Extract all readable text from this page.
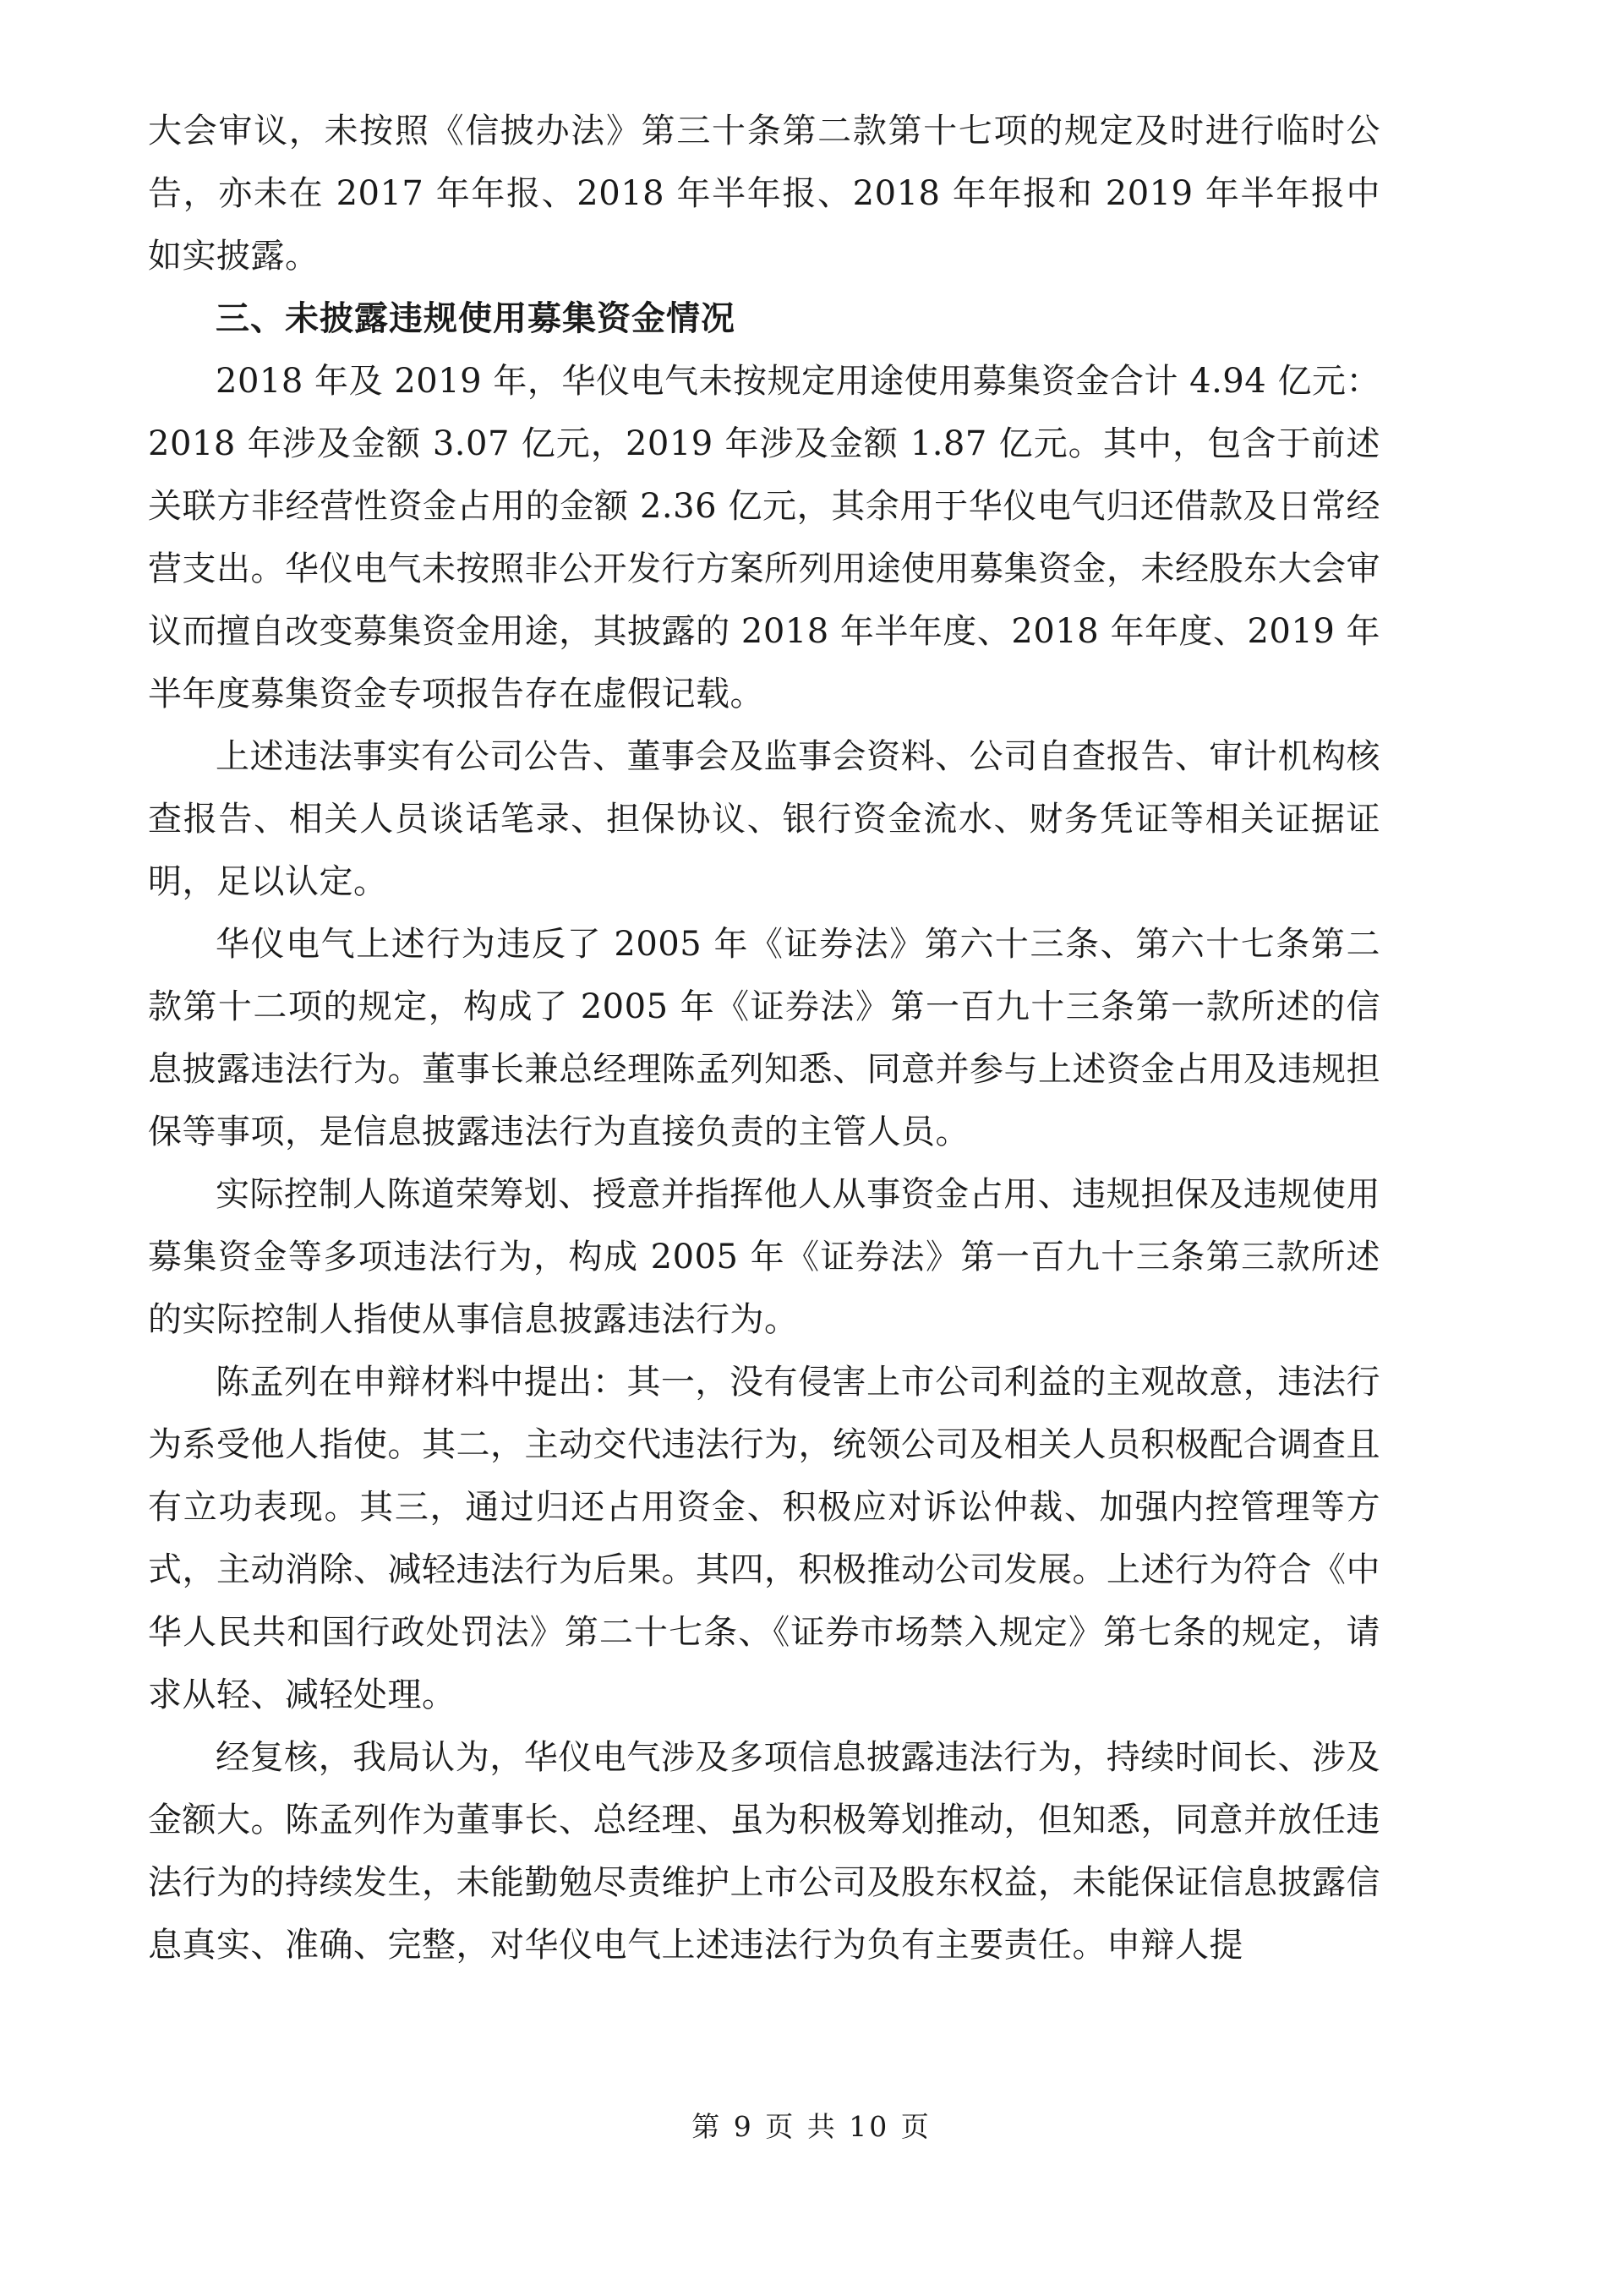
大会审议，未按照《信披办法》第三十条第二款第十七项的规定及时进行临时公告，亦未在 2017 年年报、2018 年半年报、2018 年年报和 2019 年半年报中如实披露。

三、未披露违规使用募集资金情况

2018 年及 2019 年，华仪电气未按规定用途使用募集资金合计 4.94 亿元：2018 年涉及金额 3.07 亿元，2019 年涉及金额 1.87 亿元。其中，包含于前述关联方非经营性资金占用的金额 2.36 亿元，其余用于华仪电气归还借款及日常经营支出。华仪电气未按照非公开发行方案所列用途使用募集资金，未经股东大会审议而擅自改变募集资金用途，其披露的 2018 年半年度、2018 年年度、2019 年半年度募集资金专项报告存在虚假记载。

上述违法事实有公司公告、董事会及监事会资料、公司自查报告、审计机构核查报告、相关人员谈话笔录、担保协议、银行资金流水、财务凭证等相关证据证明，足以认定。

华仪电气上述行为违反了 2005 年《证券法》第六十三条、第六十七条第二款第十二项的规定，构成了 2005 年《证券法》第一百九十三条第一款所述的信息披露违法行为。董事长兼总经理陈孟列知悉、同意并参与上述资金占用及违规担保等事项，是信息披露违法行为直接负责的主管人员。

实际控制人陈道荣筹划、授意并指挥他人从事资金占用、违规担保及违规使用募集资金等多项违法行为，构成 2005 年《证券法》第一百九十三条第三款所述的实际控制人指使从事信息披露违法行为。

陈孟列在申辩材料中提出：其一，没有侵害上市公司利益的主观故意，违法行为系受他人指使。其二，主动交代违法行为，统领公司及相关人员积极配合调查且有立功表现。其三，通过归还占用资金、积极应对诉讼仲裁、加强内控管理等方式，主动消除、减轻违法行为后果。其四，积极推动公司发展。上述行为符合《中华人民共和国行政处罚法》第二十七条、《证券市场禁入规定》第七条的规定，请求从轻、减轻处理。

经复核，我局认为，华仪电气涉及多项信息披露违法行为，持续时间长、涉及金额大。陈孟列作为董事长、总经理、虽为积极筹划推动，但知悉，同意并放任违法行为的持续发生，未能勤勉尽责维护上市公司及股东权益，未能保证信息披露信息真实、准确、完整，对华仪电气上述违法行为负有主要责任。申辩人提

第 9 页 共 10 页
